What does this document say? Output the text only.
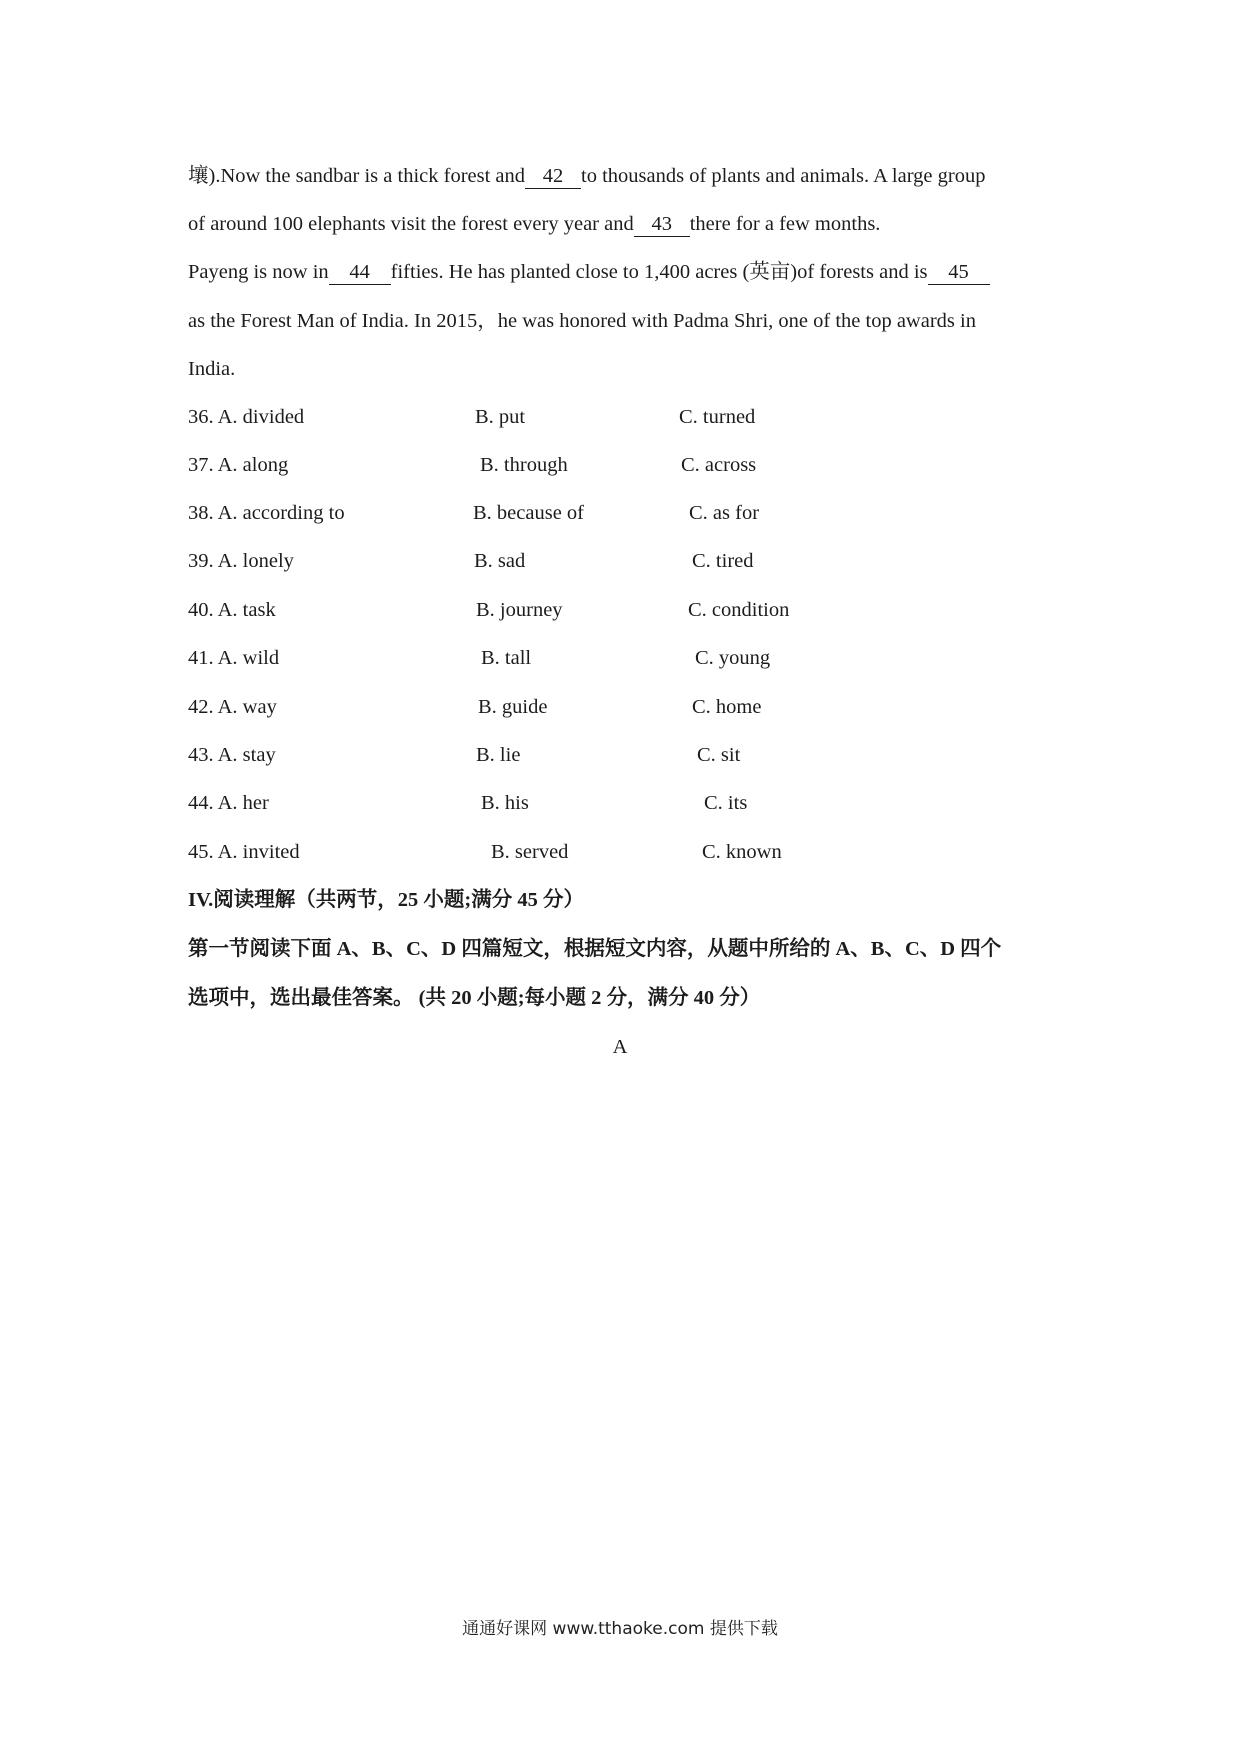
壤).Now the sandbar is a thick forest and 42 to thousands of plants and animals. A large group
of around 100 elephants visit the forest every year and 43 there for a few months.
Payeng is now in 44 fifties. He has planted close to 1,400 acres (英亩)of forests and is 45
as the Forest Man of India. In 2015，he was honored with Padma Shri, one of the top awards in
India.
36. A. divided	B. put	C. turned
37. A. along	B. through	C. across
38. A. according to	B. because of	C. as for
39. A. lonely	B. sad	C. tired
40. A. task	B. journey	C. condition
41. A. wild	B. tall	C. young
42. A. way	B. guide	C. home
43. A. stay	B. lie	C. sit
44. A. her	B. his	C. its
45. A. invited	B. served	C. known
IV.阅读理解（共两节，25 小题;满分 45 分）
第一节阅读下面 A、B、C、D 四篇短文，根据短文内容，从题中所给的 A、B、C、D 四个
选项中，选出最佳答案。 (共 20 小题;每小题 2 分，满分 40 分）
A
通通好课网 www.tthaoke.com 提供下载
